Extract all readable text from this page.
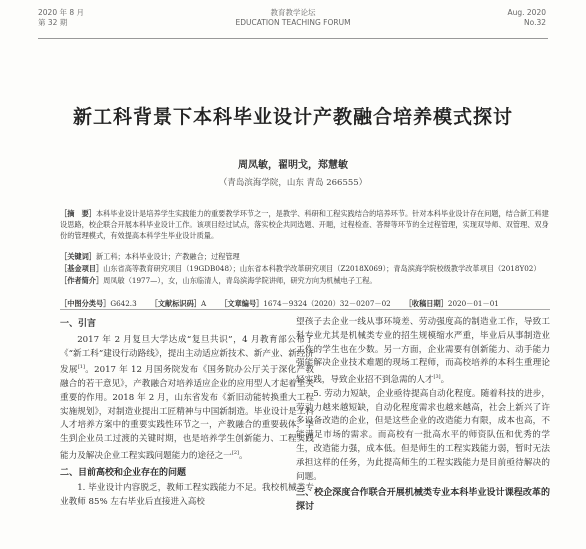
2020 年 8 月
第 32 期
教育教学论坛
EDUCATION TEACHING FORUM
Aug. 2020
No.32
新工科背景下本科毕业设计产教融合培养模式探讨
周凤敏，翟明戈，郑慧敏
（青岛滨海学院，山东 青岛 266555）
［摘　要］本科毕业设计是培养学生实践能力的重要教学环节之一，是教学、科研和工程实践结合的培养环节。针对本科毕业设计存在问题，结合新工科建设思路，校企联合开展本科毕业设计工作。该项目经过试点，落实校企共同选题、开题，过程检查、答辩等环节的全过程管理，实现双导师、双管理、双身份的管理模式，有效提高本科学生毕业设计质量。
［关键词］新工科；本科毕业设计；产教融合；过程管理
［基金项目］山东省高等教育研究项目（19GDB048）；山东省本科教学改革研究项目（Z2018X069）；青岛滨海学院校级教学改革项目（2018Y02）
［作者简介］周凤敏（1977—），女，山东临清人，青岛滨海学院讲师，研究方向为机械电子工程。
［中图分类号］G642.3 ［文献标识码］A ［文章编号］1674－9324（2020）32－0207－02 ［收稿日期］2020－01－01

一、引言

2017 年 2 月复旦大学达成“复旦共识”，4 月教育部公布了《“新工科”建设行动路线》，提出主动适应新技术、新产业、新经济发展[1]。2017 年 12 月国务院发布《国务院办公厅关于深化产教融合的若干意见》，产教融合对培养适应企业的应用型人才起着至关重要的作用。2018 年 2 月，山东省发布《新旧动能转换重大工程实施规划》，对制造业提出工匠精神与中国新制造。毕业设计是工科人才培养方案中的重要实践性环节之一，产教融合的重要载体，学生到企业员工过渡的关键时期，也是培养学生创新能力、工程实践能力及解决企业工程实践问题能力的途径之一[2]。

二、目前高校和企业存在的问题

1. 毕业设计内容脱乏，教师工程实践能力不足。我校机械类专业教师 85% 左右毕业后直接进入高校

望孩子去企业一线从事环境差、劳动强度高的制造业工作，导致工科专业尤其是机械类专业的招生规模缩水严重，毕业后从事制造业工作的学生也在少数。另一方面，企业需要有创新能力、动手能力强能解决企业技术难题的现场工程师，而高校培养的本科生重理论轻实践，导致企业招不到急需的人才[3]。

5. 劳动力短缺，企业亟待提高自动化程度。随着科技的进步，劳动力越来越短缺，自动化程度需求也越来越高，社会上新兴了许多设备改造的企业，但是这些企业的改造能力有限，成本也高，不能满足市场的需求。而高校有一批高水平的师资队伍和优秀的学生，改造能力强，成本低。但是师生的工程实践能力弱，暂时无法承担这样的任务，为此提高师生的工程实践能力是目前亟待解决的问题。

三、校企深度合作联合开展机械类专业本科毕业设计课程改革的探讨
